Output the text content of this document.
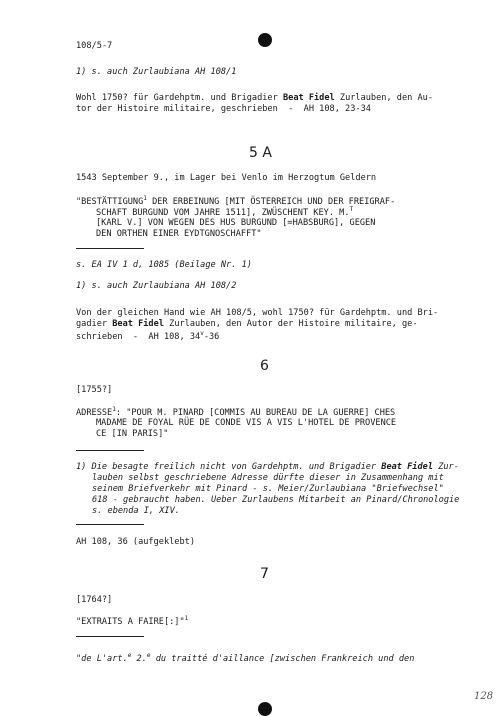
108/5-7
1) s. auch Zurlaubiana AH 108/1
Wohl 1750? für Gardehptm. und Brigadier Beat Fidel Zurlauben, den Au-
tor der Histoire militaire, geschrieben  -  AH 108, 23-34
5 A
1543 September 9., im Lager bei Venlo im Herzogtum Geldern
"BESTÄTTIGUNG$^1$ DER ERBEINUNG [MIT ÖSTERREICH UND DER FREIGRAF-
SCHAFT BURGUND VOM JAHRE 1511], ZWÜSCHENT KEY. M.$^T$
[KARL V.] VON WEGEN DES HUS BURGUND [=HABSBURG], GEGEN
DEN ORTHEN EINER EYDTGNOSCHAFFT"
s. EA IV 1 d, 1085 (Beilage Nr. 1)
1) s. auch Zurlaubiana AH 108/2
Von der gleichen Hand wie AH 108/5, wohl 1750? für Gardehptm. und Bri-
gadier Beat Fidel Zurlauben, den Autor der Histoire militaire, ge-
schrieben  -  AH 108, 34$^v$-36
6
[1755?]
ADRESSE$^1$: "POUR M. PINARD [COMMIS AU BUREAU DE LA GUERRE] CHES
MADAME DE FOYAL RÜE DE CONDE VIS A VIS L'HOTEL DE PROVENCE
CE [IN PARIS]"
1) Die besagte freilich nicht von Gardehptm. und Brigadier Beat Fidel Zur-
lauben selbst geschriebene Adresse dürfte dieser in Zusammenhang mit
seinem Briefverkehr mit Pinard - s. Meier/Zurlaubiana "Briefwechsel"
618 - gebraucht haben. Ueber Zurlaubens Mitarbeit an Pinard/Chronologie
s. ebenda I, XIV.
AH 108, 36 (aufgeklebt)
7
[1764?]
"EXTRAITS A FAIRE[:]"$^1$
"de L'art.$^e$ 2.$^e$ du traitté d'aillance [zwischen Frankreich und den
128
